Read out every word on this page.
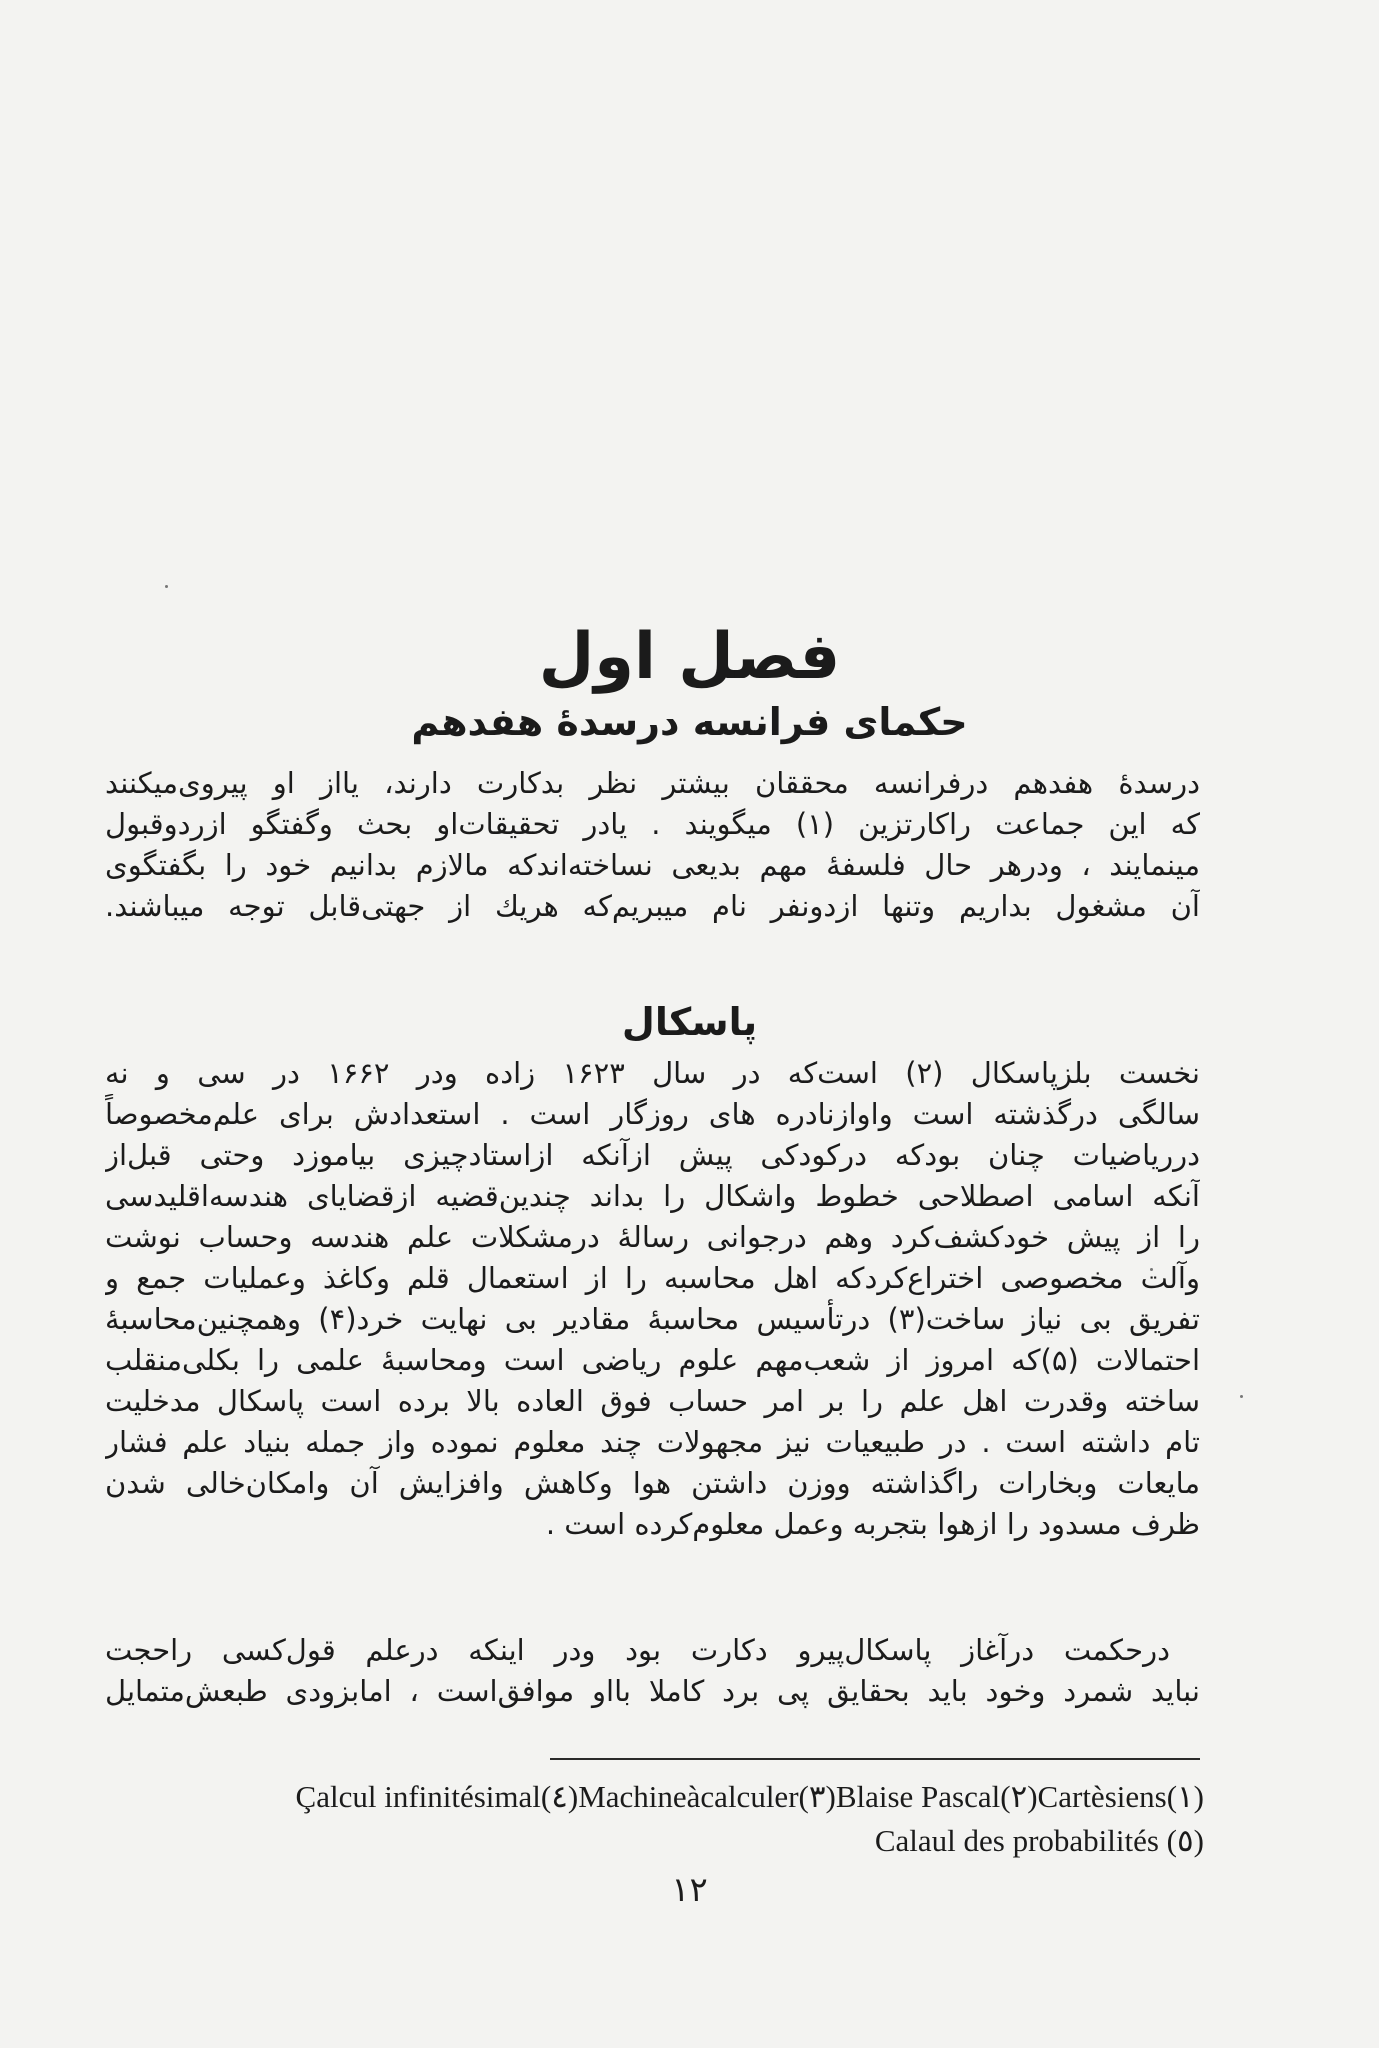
فصل اول
حکمای فرانسه درسدهٔ هفدهم
درسدهٔ هفدهم درفرانسه محققان بیشتر نظر بدکارت دارند، یااز او پیروی‌میکنند
که این جماعت راکارتزین (۱) میگویند . یادر تحقیقات‌او بحث وگفتگو ازردوقبول
مینمایند ، ودرهر حال فلسفهٔ مهم بدیعی نساخته‌اند‌که مالازم بدانیم خود را بگفتگوی
آن مشغول بداریم وتنها ازدونفر نام میبریم‌که هریك از جهتی‌قابل توجه میباشند.
پاسکال
نخست بلزپاسکال (۲) است‌که در سال ۱۶۲۳ زاده ودر ۱۶۶۲ در سی و نه
سالگی درگذشته است واوازنادره های روزگار است . استعدادش برای علم‌مخصوصاً
درریاضیات چنان بودکه درکودکی پیش ازآنکه ازاستادچیزی بیاموزد وحتی قبل‌از
آنکه اسامی اصطلاحی خطوط واشکال را بداند چندین‌قضیه ازقضایای هندسه‌اقلیدسی
را از پیش خودکشف‌کرد وهم درجوانی رسالهٔ درمشکلات علم هندسه وحساب نوشت
وآلت مخصوصی اختراع‌کردکه اهل محاسبه را از استعمال قلم وکاغذ وعملیات جمع و
تفریق بی نیاز ساخت(۳) درتأسیس محاسبهٔ مقادیر بی نهایت خرد(۴) وهمچنین‌محاسبهٔ
احتمالات (۵)که امروز از شعب‌مهم علوم ریاضی است ومحاسبهٔ علمی را بکلی‌منقلب
ساخته وقدرت اهل علم را بر امر حساب فوق العاده بالا برده است پاسکال مدخلیت
تام داشته است . در طبیعیات نیز مجهولات چند معلوم نموده واز جمله بنیاد علم فشار
مایعات وبخارات راگذاشته ووزن داشتن هوا وکاهش وافزایش آن وامکان‌خالی شدن
ظرف مسدود را ازهوا بتجربه وعمل معلوم‌کرده است .
درحکمت درآغاز پاسکال‌پیرو دکارت بود ودر اینکه درعلم قول‌کسی راحجت
نباید شمرد وخود باید بحقایق پی برد کاملا بااو موافق‌است ، امابزودی طبعش‌متمایل
Çalcul infinitésimal(٤)Machineàcalculer(٣)Blaise Pascal(٢)Cartèsiens(١)
Calaul des probabilités (٥)
۱۲
